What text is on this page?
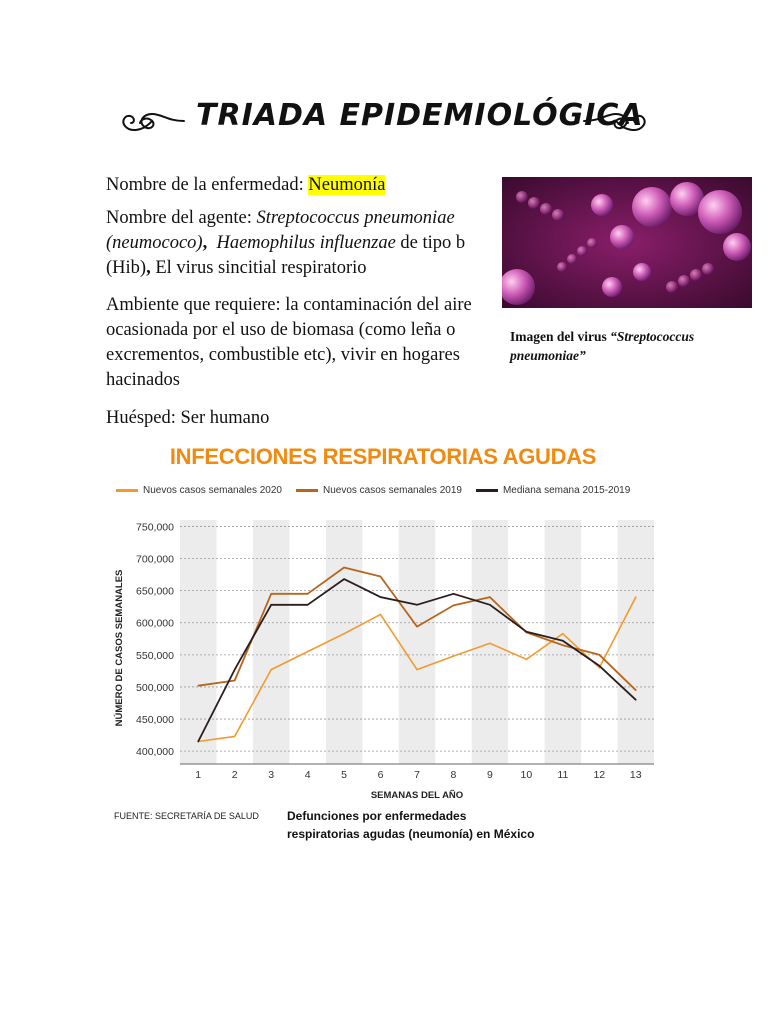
TRIADA EPIDEMIOLÓGICA
Nombre de la enfermedad: Neumonía
Nombre del agente: Streptococcus pneumoniae (neumococo), Haemophilus influenzae de tipo b (Hib), El virus sincitial respiratorio
Ambiente que requiere: la contaminación del aire ocasionada por el uso de biomasa (como leña o excrementos, combustible etc), vivir en hogares hacinados
Huésped: Ser humano
Imagen del virus “Streptococcus pneumoniae”
INFECCIONES RESPIRATORIAS AGUDAS
Nuevos casos semanales 2020	Nuevos casos semanales 2019	Mediana semana 2015-2019
750,000
700,000
650,000
600,000
550,000
500,000
450,000
400,000
1	2	3	4	5	6	7	8	9	10 11 12 13
SEMANAS DEL AÑO
NÚMERO DE CASOS SEMANALES
FUENTE: SECRETARÍA DE SALUD Defunciones por enfermedades
respiratorias agudas (neumonía) en México
